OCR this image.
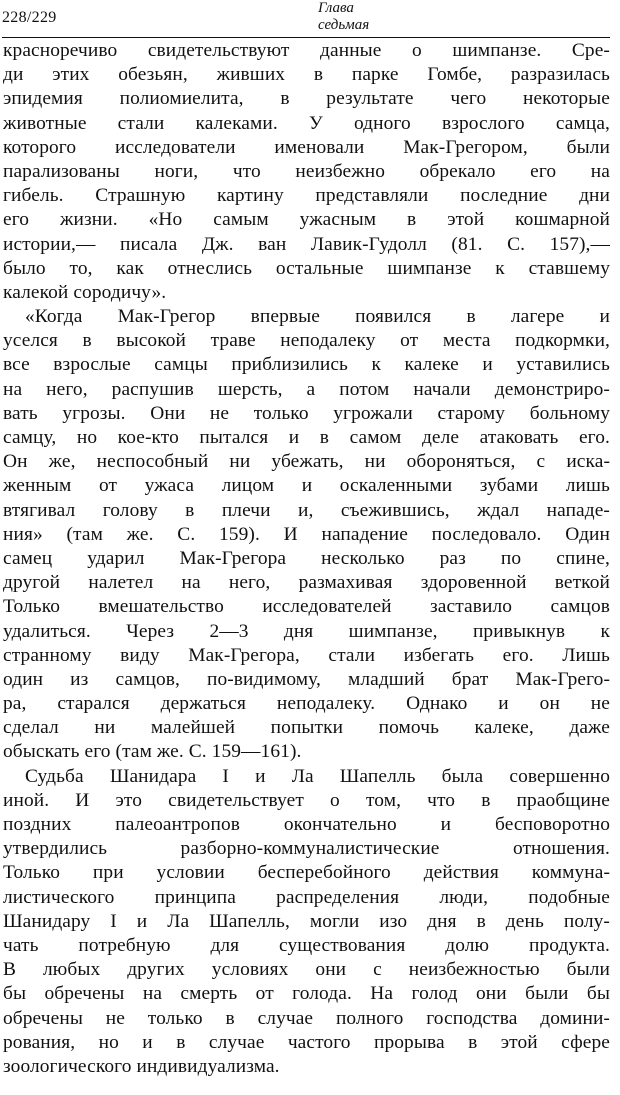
228/229
Глава
седьмая
красноречиво свидетельствуют данные о шимпанзе. Сре-
ди этих обезьян, живших в парке Гомбе, разразилась
эпидемия полиомиелита, в результате чего некоторые
животные стали калеками. У одного взрослого самца,
которого исследователи именовали Мак-Грегором, были
парализованы ноги, что неизбежно обрекало его на
гибель. Страшную картину представляли последние дни
его жизни. «Но самым ужасным в этой кошмарной
истории,— писала Дж. ван Лавик-Гудолл (81. С. 157),—
было то, как отнеслись остальные шимпанзе к ставшему
калекой сородичу».
«Когда Мак-Грегор впервые появился в лагере и
уселся в высокой траве неподалеку от места подкормки,
все взрослые самцы приблизились к калеке и уставились
на него, распушив шерсть, а потом начали демонстриро-
вать угрозы. Они не только угрожали старому больному
самцу, но кое-кто пытался и в самом деле атаковать его.
Он же, неспособный ни убежать, ни обороняться, с иска-
женным от ужаса лицом и оскаленными зубами лишь
втягивал голову в плечи и, съежившись, ждал нападе-
ния» (там же. С. 159). И нападение последовало. Один
самец ударил Мак-Грегора несколько раз по спине,
другой налетел на него, размахивая здоровенной веткой
Только вмешательство исследователей заставило самцов
удалиться. Через 2—3 дня шимпанзе, привыкнув к
странному виду Мак-Грегора, стали избегать его. Лишь
один из самцов, по-видимому, младший брат Мак-Грего-
ра, старался держаться неподалеку. Однако и он не
сделал ни малейшей попытки помочь калеке, даже
обыскать его (там же. С. 159—161).
Судьба Шанидара I и Ла Шапелль была совершенно
иной. И это свидетельствует о том, что в праобщине
поздних палеоантропов окончательно и бесповоротно
утвердились разборно-коммуналистические отношения.
Только при условии бесперебойного действия коммуна-
листического принципа распределения люди, подобные
Шанидару I и Ла Шапелль, могли изо дня в день полу-
чать потребную для существования долю продукта.
В любых других условиях они с неизбежностью были
бы обречены на смерть от голода. На голод они были бы
обречены не только в случае полного господства домини-
рования, но и в случае частого прорыва в этой сфере
зоологического индивидуализма.
